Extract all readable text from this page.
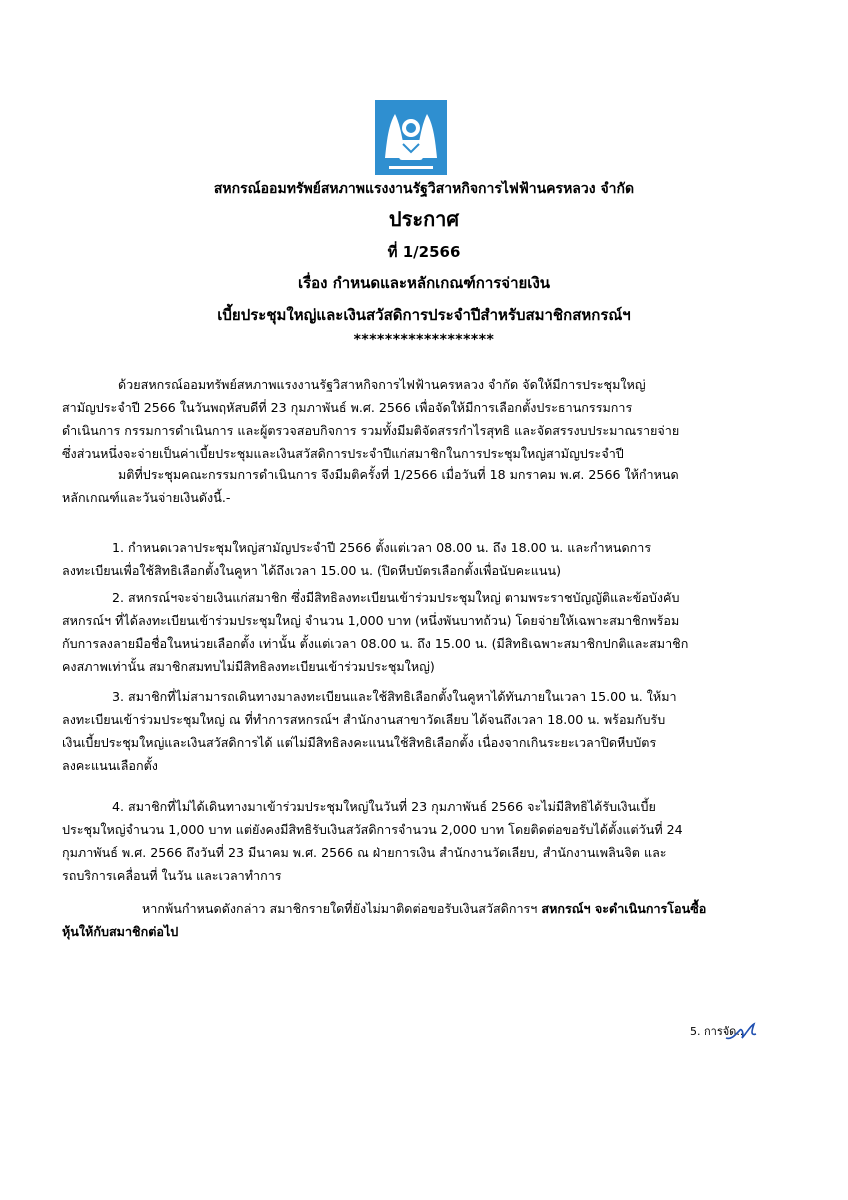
สหกรณ์ออมทรัพย์สหภาพแรงงานรัฐวิสาหกิจการไฟฟ้านครหลวง จำกัด
ประกาศ
ที่ 1/2566
เรื่อง กำหนดและหลักเกณฑ์การจ่ายเงิน
เบี้ยประชุมใหญ่และเงินสวัสดิการประจำปีสำหรับสมาชิกสหกรณ์ฯ
******************
ด้วยสหกรณ์ออมทรัพย์สหภาพแรงงานรัฐวิสาหกิจการไฟฟ้านครหลวง จำกัด จัดให้มีการประชุมใหญ่
สามัญประจำปี 2566 ในวันพฤหัสบดีที่ 23 กุมภาพันธ์ พ.ศ. 2566 เพื่อจัดให้มีการเลือกตั้งประธานกรรมการ
ดำเนินการ กรรมการดำเนินการ และผู้ตรวจสอบกิจการ รวมทั้งมีมติจัดสรรกำไรสุทธิ และจัดสรรงบประมาณรายจ่าย
ซึ่งส่วนหนึ่งจะจ่ายเป็นค่าเบี้ยประชุมและเงินสวัสดิการประจำปีแก่สมาชิกในการประชุมใหญ่สามัญประจำปี
มติที่ประชุมคณะกรรมการดำเนินการ จึงมีมติครั้งที่ 1/2566 เมื่อวันที่ 18 มกราคม พ.ศ. 2566 ให้กำหนด
หลักเกณฑ์และวันจ่ายเงินดังนี้.-
1. กำหนดเวลาประชุมใหญ่สามัญประจำปี 2566 ตั้งแต่เวลา 08.00 น. ถึง 18.00 น. และกำหนดการ
ลงทะเบียนเพื่อใช้สิทธิเลือกตั้งในคูหา ได้ถึงเวลา 15.00 น. (ปิดหีบบัตรเลือกตั้งเพื่อนับคะแนน)
2. สหกรณ์ฯจะจ่ายเงินแก่สมาชิก ซึ่งมีสิทธิลงทะเบียนเข้าร่วมประชุมใหญ่ ตามพระราชบัญญัติและข้อบังคับ
สหกรณ์ฯ ที่ได้ลงทะเบียนเข้าร่วมประชุมใหญ่ จำนวน 1,000 บาท (หนึ่งพันบาทถ้วน) โดยจ่ายให้เฉพาะสมาชิกพร้อม
กับการลงลายมือชื่อในหน่วยเลือกตั้ง เท่านั้น ตั้งแต่เวลา 08.00 น. ถึง 15.00 น. (มีสิทธิเฉพาะสมาชิกปกติและสมาชิก
คงสภาพเท่านั้น สมาชิกสมทบไม่มีสิทธิลงทะเบียนเข้าร่วมประชุมใหญ่)
3. สมาชิกที่ไม่สามารถเดินทางมาลงทะเบียนและใช้สิทธิเลือกตั้งในคูหาได้ทันภายในเวลา 15.00 น. ให้มา
ลงทะเบียนเข้าร่วมประชุมใหญ่ ณ ที่ทำการสหกรณ์ฯ สำนักงานสาขาวัดเลียบ ได้จนถึงเวลา 18.00 น. พร้อมกับรับ
เงินเบี้ยประชุมใหญ่และเงินสวัสดิการได้ แต่ไม่มีสิทธิลงคะแนนใช้สิทธิเลือกตั้ง เนื่องจากเกินระยะเวลาปิดหีบบัตร
ลงคะแนนเลือกตั้ง
4. สมาชิกที่ไม่ได้เดินทางมาเข้าร่วมประชุมใหญ่ในวันที่ 23 กุมภาพันธ์ 2566 จะไม่มีสิทธิได้รับเงินเบี้ย
ประชุมใหญ่จำนวน 1,000 บาท แต่ยังคงมีสิทธิรับเงินสวัสดิการจำนวน 2,000 บาท โดยติดต่อขอรับได้ตั้งแต่วันที่ 24
กุมภาพันธ์ พ.ศ. 2566 ถึงวันที่ 23 มีนาคม พ.ศ. 2566 ณ ฝ่ายการเงิน สำนักงานวัดเลียบ, สำนักงานเพลินจิต และ
รถบริการเคลื่อนที่ ในวัน และเวลาทำการ
หากพ้นกำหนดดังกล่าว สมาชิกรายใดที่ยังไม่มาติดต่อขอรับเงินสวัสดิการฯ สหกรณ์ฯ จะดำเนินการโอนซื้อ
หุ้นให้กับสมาชิกต่อไป
5. การจัด...
